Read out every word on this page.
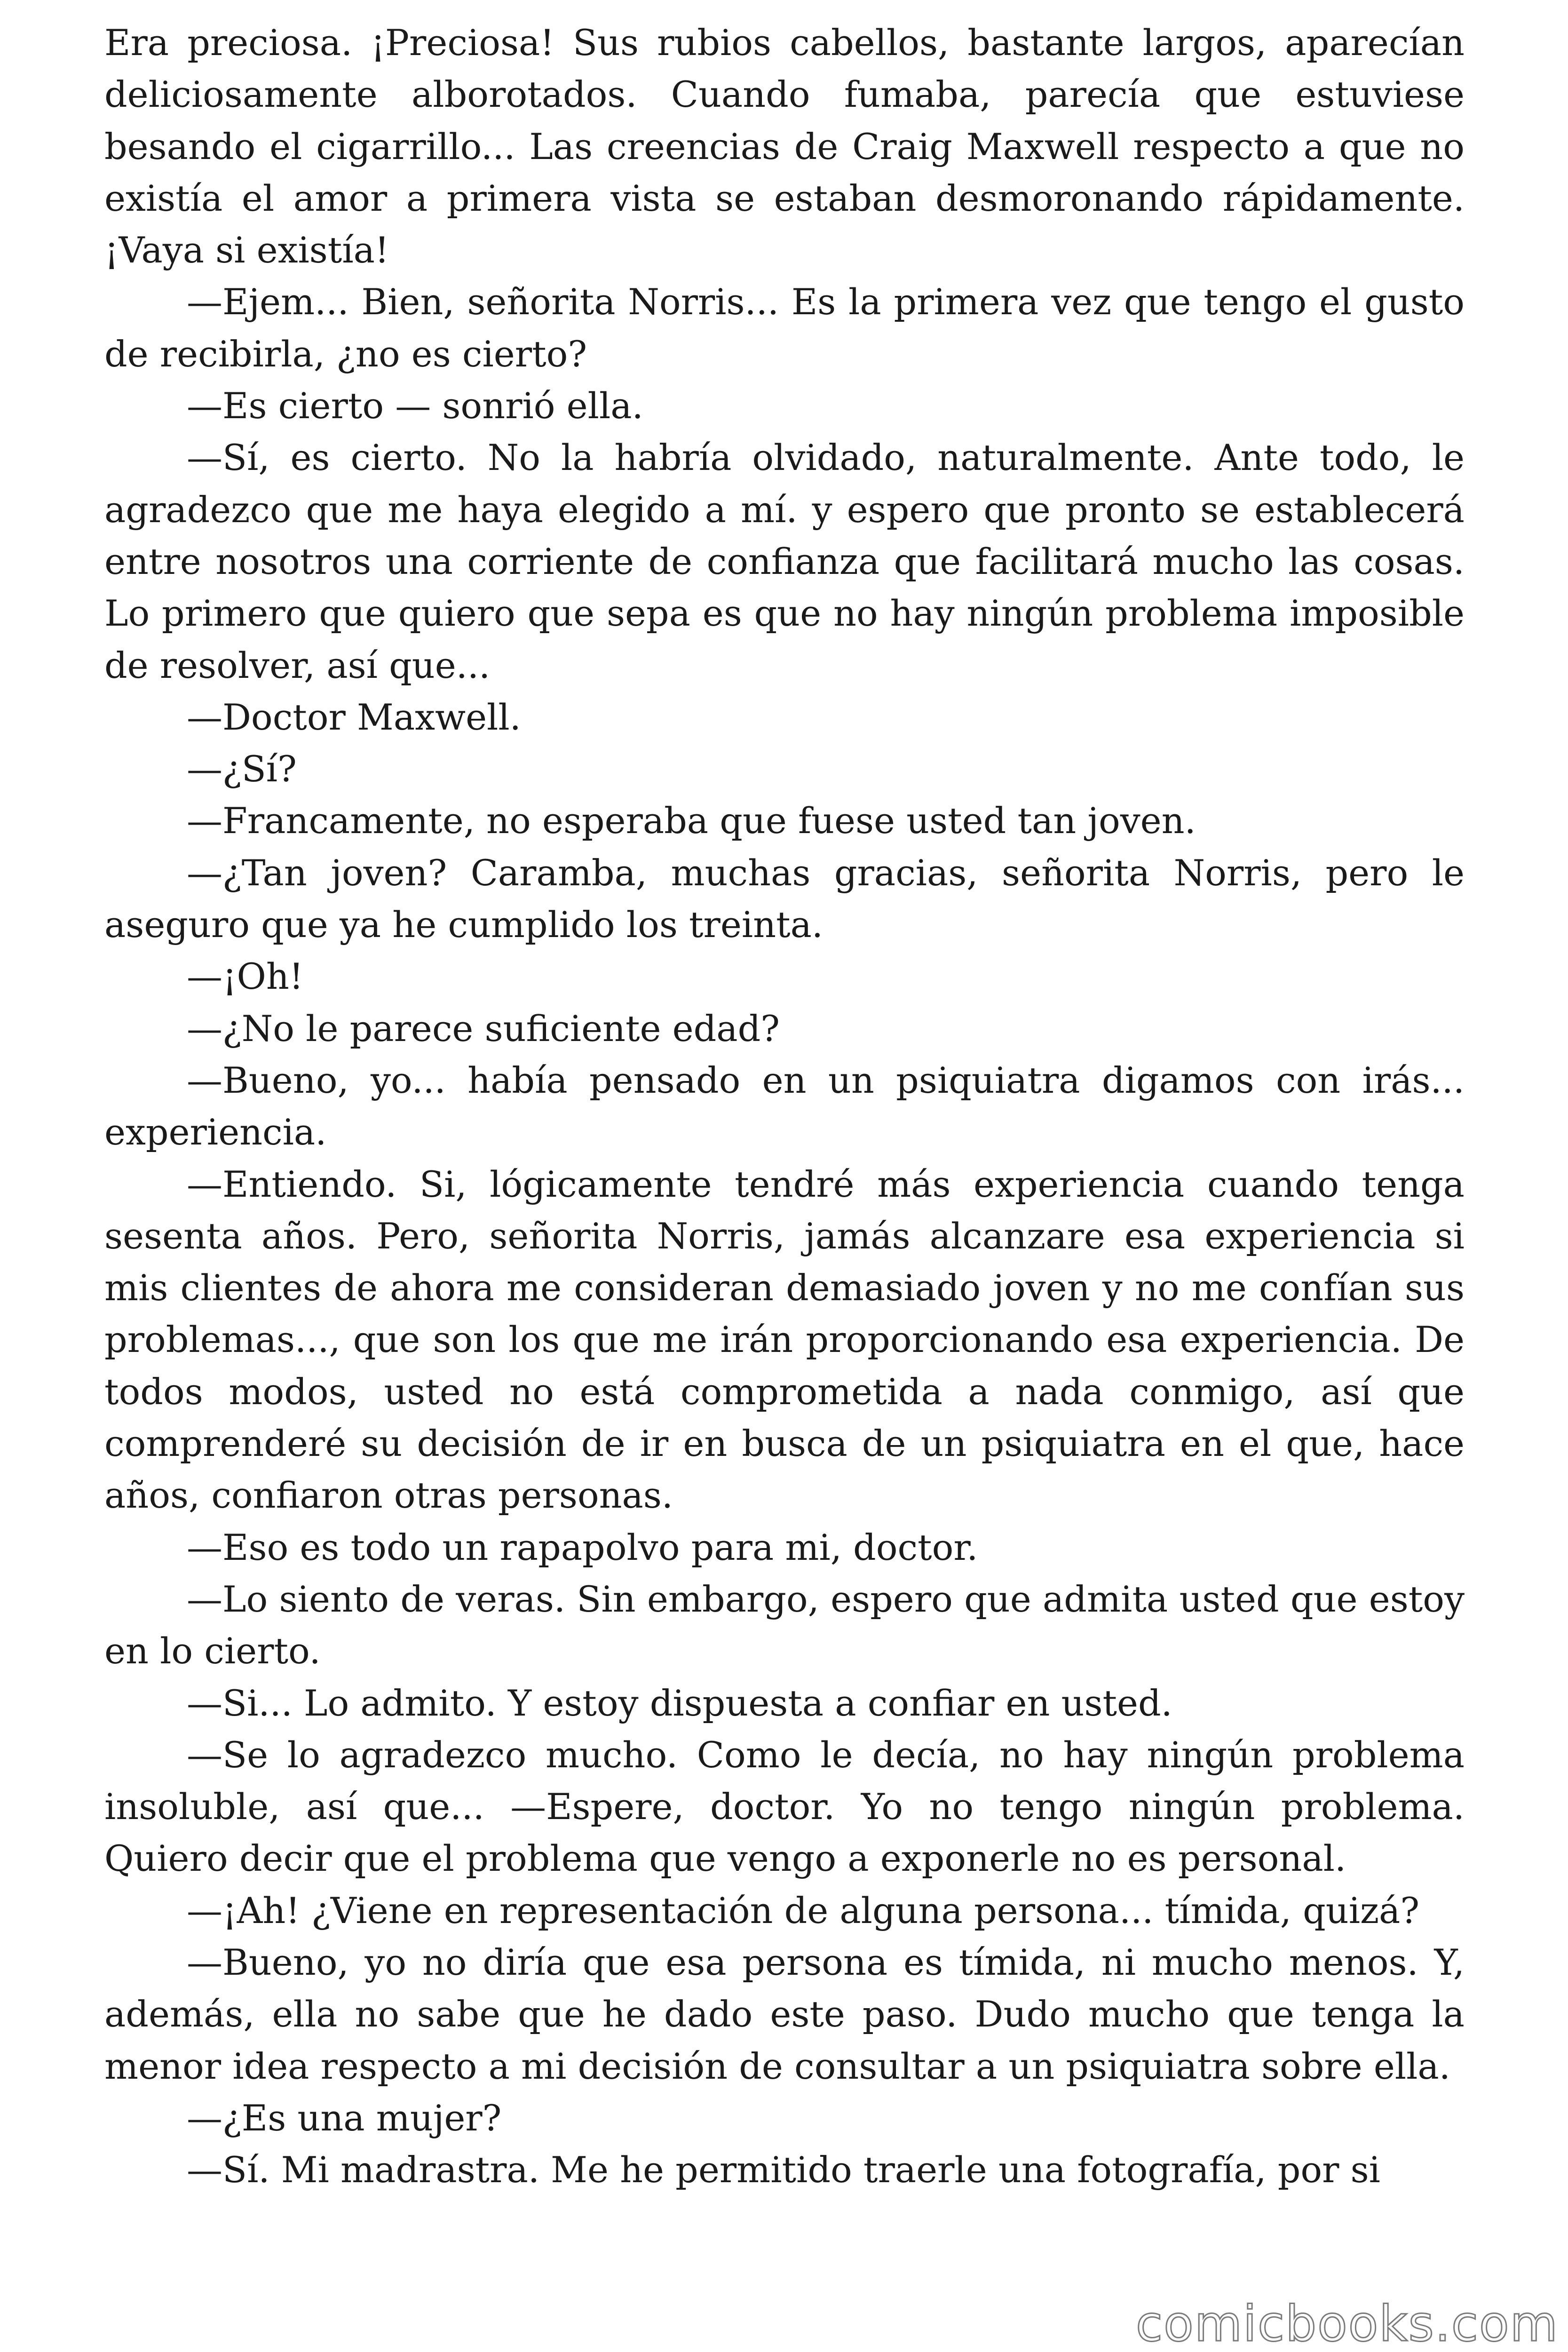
Era preciosa. ¡Preciosa! Sus rubios cabellos, bastante largos, aparecían deliciosamente alborotados. Cuando fumaba, parecía que estuviese besando el cigarrillo... Las creencias de Craig Maxwell respecto a que no existía el amor a primera vista se estaban desmoronando rápidamente. ¡Vaya si existía!

—Ejem... Bien, señorita Norris... Es la primera vez que tengo el gusto de recibirla, ¿no es cierto?

—Es cierto — sonrió ella.

—Sí, es cierto. No la habría olvidado, naturalmente. Ante todo, le agradezco que me haya elegido a mí. y espero que pronto se establecerá entre nosotros una corriente de confianza que facilitará mucho las cosas. Lo primero que quiero que sepa es que no hay ningún problema imposible de resolver, así que...

—Doctor Maxwell.

—¿Sí?

—Francamente, no esperaba que fuese usted tan joven.

—¿Tan joven? Caramba, muchas gracias, señorita Norris, pero le aseguro que ya he cumplido los treinta.

—¡Oh!

—¿No le parece suficiente edad?

—Bueno, yo... había pensado en un psiquiatra digamos con irás... experiencia.

—Entiendo. Si, lógicamente tendré más experiencia cuando tenga sesenta años. Pero, señorita Norris, jamás alcanzare esa experiencia si mis clientes de ahora me consideran demasiado joven y no me confían sus problemas..., que son los que me irán proporcionando esa experiencia. De todos modos, usted no está comprometida a nada conmigo, así que comprenderé su decisión de ir en busca de un psiquiatra en el que, hace años, confiaron otras personas.

—Eso es todo un rapapolvo para mi, doctor.

—Lo siento de veras. Sin embargo, espero que admita usted que estoy en lo cierto.

—Si... Lo admito. Y estoy dispuesta a confiar en usted.

—Se lo agradezco mucho. Como le decía, no hay ningún problema insoluble, así que... —Espere, doctor. Yo no tengo ningún problema. Quiero decir que el problema que vengo a exponerle no es personal.

—¡Ah! ¿Viene en representación de alguna persona... tímida, quizá?

—Bueno, yo no diría que esa persona es tímida, ni mucho menos. Y, además, ella no sabe que he dado este paso. Dudo mucho que tenga la menor idea respecto a mi decisión de consultar a un psiquiatra sobre ella.

—¿Es una mujer?

—Sí. Mi madrastra. Me he permitido traerle una fotografía, por si

comicbooks.com
